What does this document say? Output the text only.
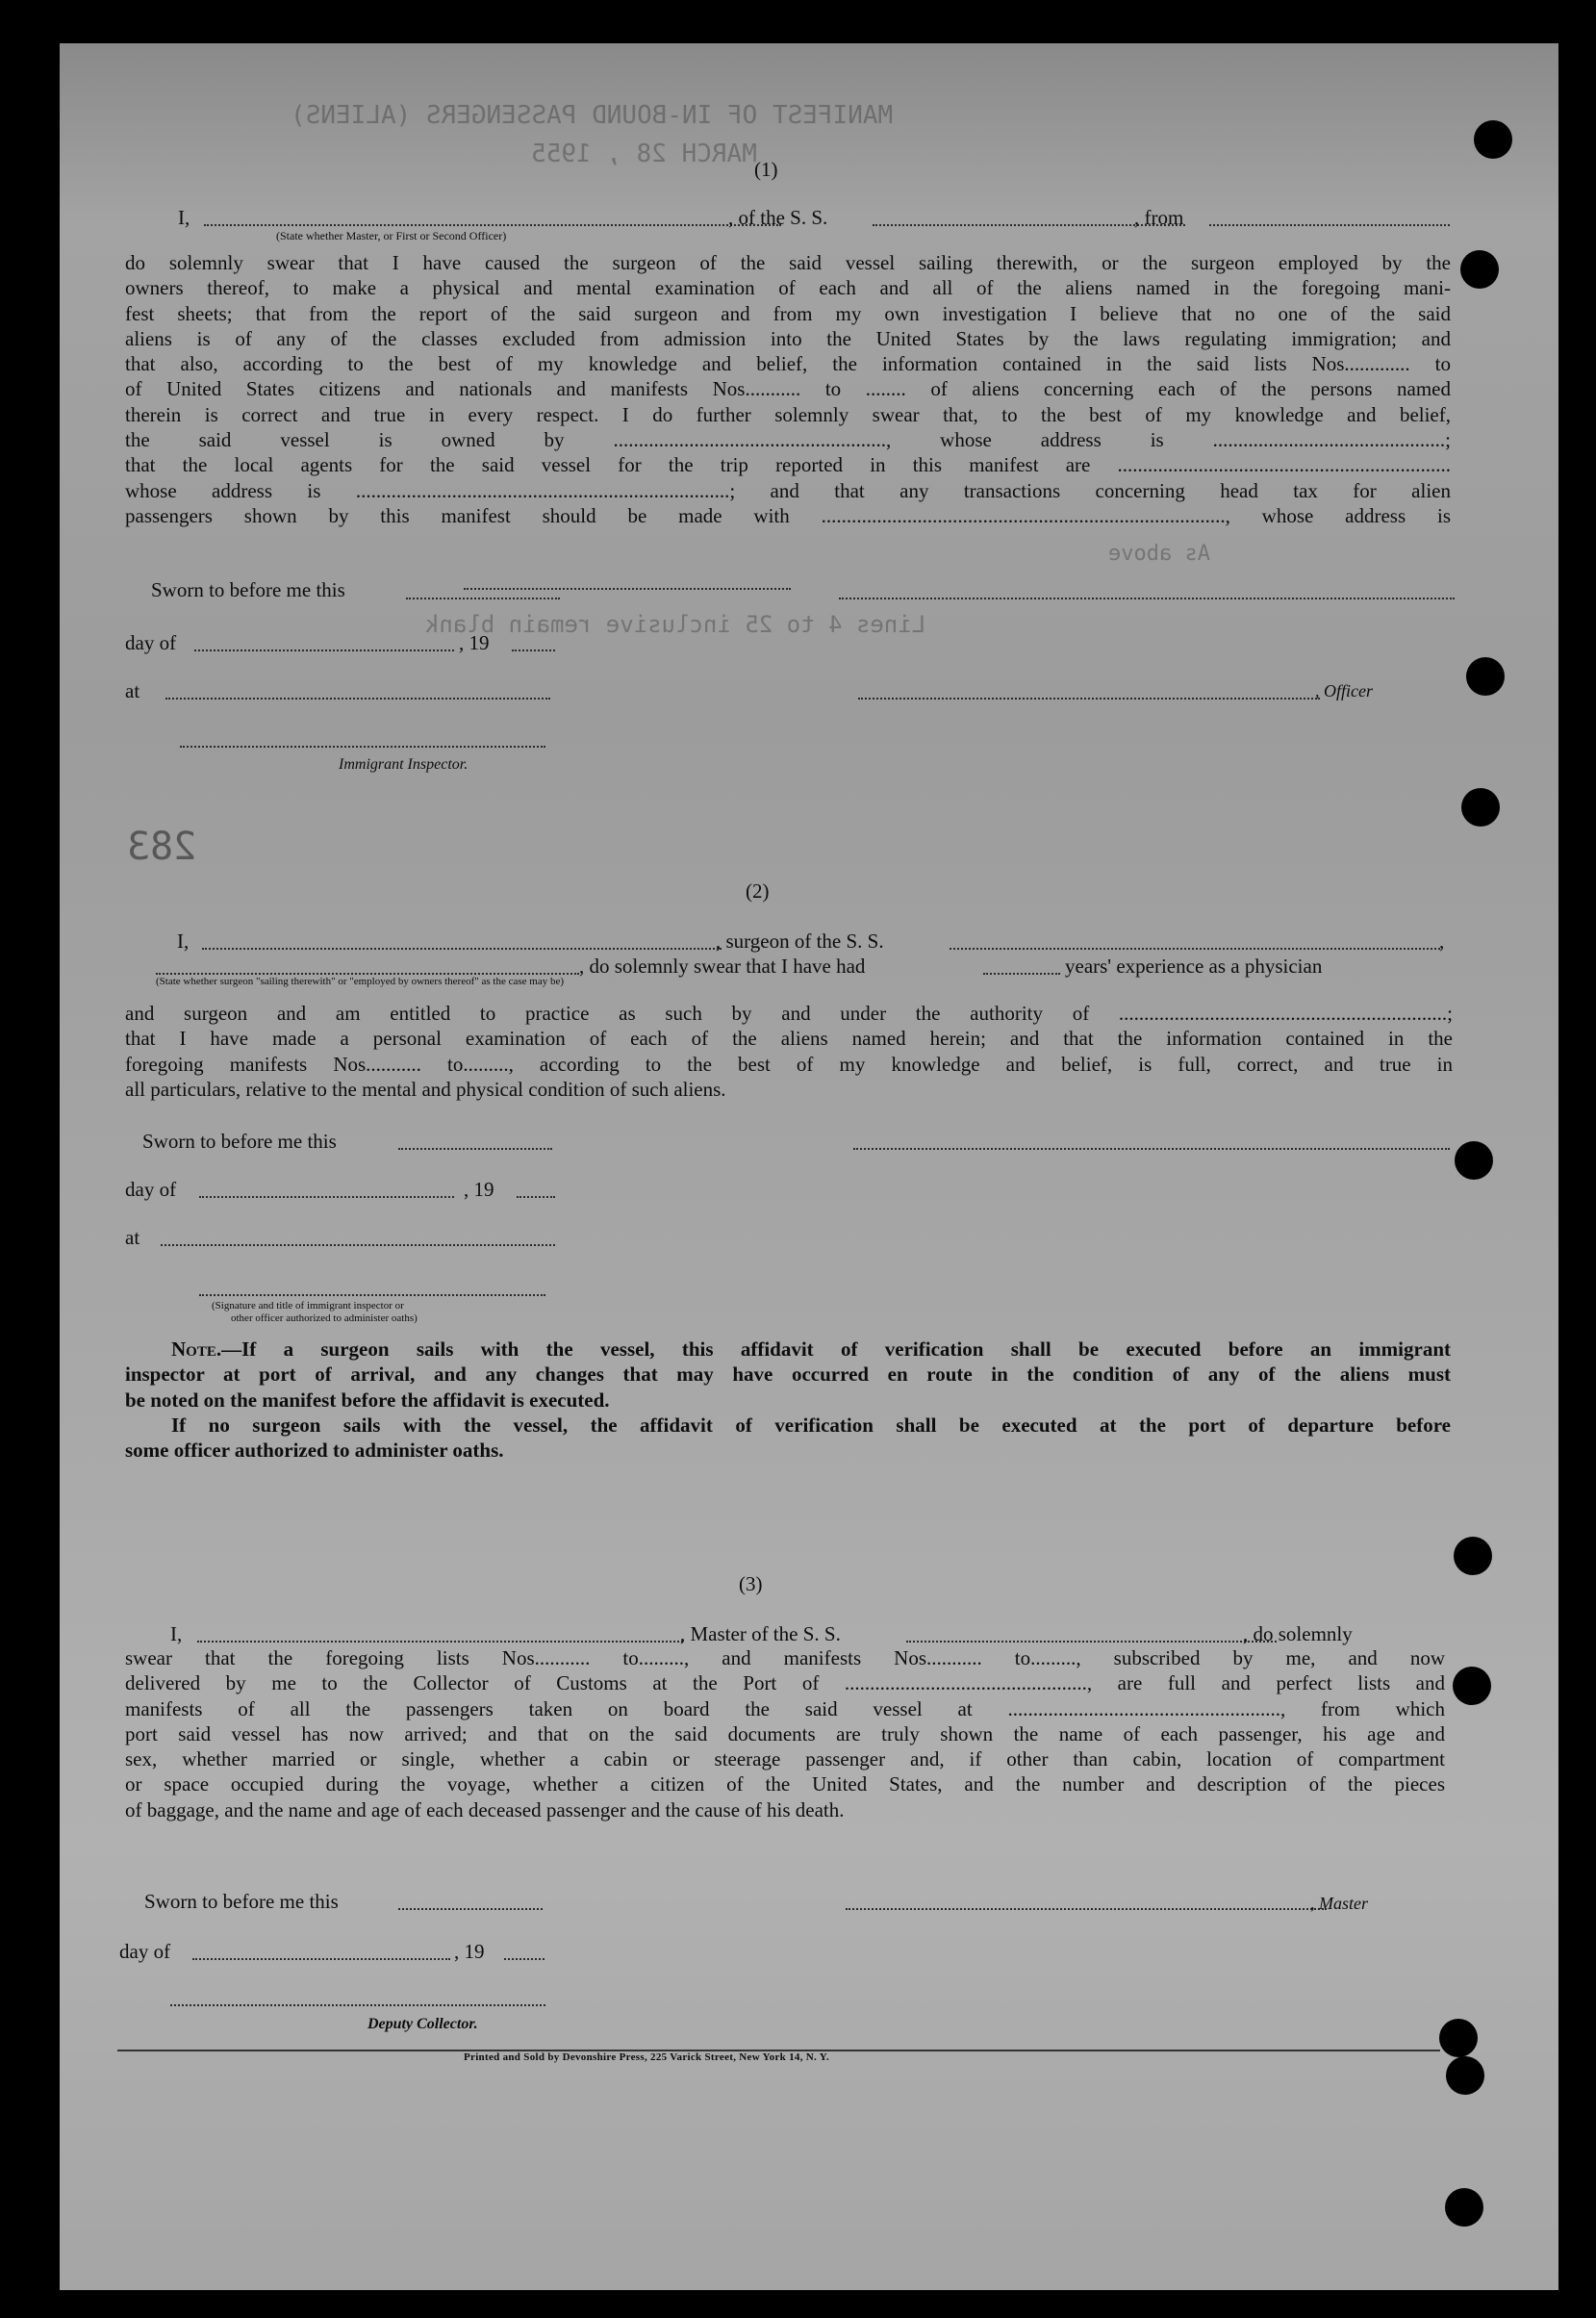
MANIFEST OF IN-BOUND PASSENGERS (ALIENS)
MARCH 28 , 1955
Lines 4 to 25 inclusive remain blank
283
As above
(1)
I,	, of the S. S.	, from
(State whether Master, or First or Second Officer)
do solemnly swear that I have caused the surgeon of the said vessel sailing therewith, or the surgeon employed by the
owners thereof, to make a physical and mental examination of each and all of the aliens named in the foregoing mani-
fest sheets; that from the report of the said surgeon and from my own investigation I believe that no one of the said
aliens is of any of the classes excluded from admission into the United States by the laws regulating immigration; and
that also, according to the best of my knowledge and belief, the information contained in the said lists Nos............. to
of United States citizens and nationals and manifests Nos........... to ........ of aliens concerning each of the persons named
therein is correct and true in every respect. I do further solemnly swear that, to the best of my knowledge and belief,
the said vessel is owned by ......................................................, whose address is ..............................................;
that the local agents for the said vessel for the trip reported in this manifest are ..................................................................
whose address is ..........................................................................; and that any transactions concerning head tax for alien
passengers shown by this manifest should be made with ................................................................................, whose address is
Sworn to before me this
day of	, 19
at	, Officer
Immigrant Inspector.
(2)
I,	, surgeon of the S. S.	,
, do solemnly swear that I have had	years' experience as a physician
(State whether surgeon "sailing therewith" or "employed by owners thereof" as the case may be)
and surgeon and am entitled to practice as such by and under the authority of .................................................................;
that I have made a personal examination of each of the aliens named herein; and that the information contained in the
foregoing manifests Nos........... to........., according to the best of my knowledge and belief, is full, correct, and true in
all particulars, relative to the mental and physical condition of such aliens.
Sworn to before me this
day of	, 19
at
(Signature and title of immigrant inspector or
other officer authorized to administer oaths)
Note.—If a surgeon sails with the vessel, this affidavit of verification shall be executed before an immigrant
inspector at port of arrival, and any changes that may have occurred en route in the condition of any of the aliens must
be noted on the manifest before the affidavit is executed.
If no surgeon sails with the vessel, the affidavit of verification shall be executed at the port of departure before
some officer authorized to administer oaths.
(3)
I,	, Master of the S. S.	, do solemnly
swear that the foregoing lists Nos........... to........., and manifests Nos........... to........., subscribed by me, and now
delivered by me to the Collector of Customs at the Port of ................................................, are full and perfect lists and
manifests of all the passengers taken on board the said vessel at ......................................................, from which
port said vessel has now arrived; and that on the said documents are truly shown the name of each passenger, his age and
sex, whether married or single, whether a cabin or steerage passenger and, if other than cabin, location of compartment
or space occupied during the voyage, whether a citizen of the United States, and the number and description of the pieces
of baggage, and the name and age of each deceased passenger and the cause of his death.
Sworn to before me this	, Master
day of	, 19
Deputy Collector.
Printed and Sold by Devonshire Press, 225 Varick Street, New York 14, N. Y.
